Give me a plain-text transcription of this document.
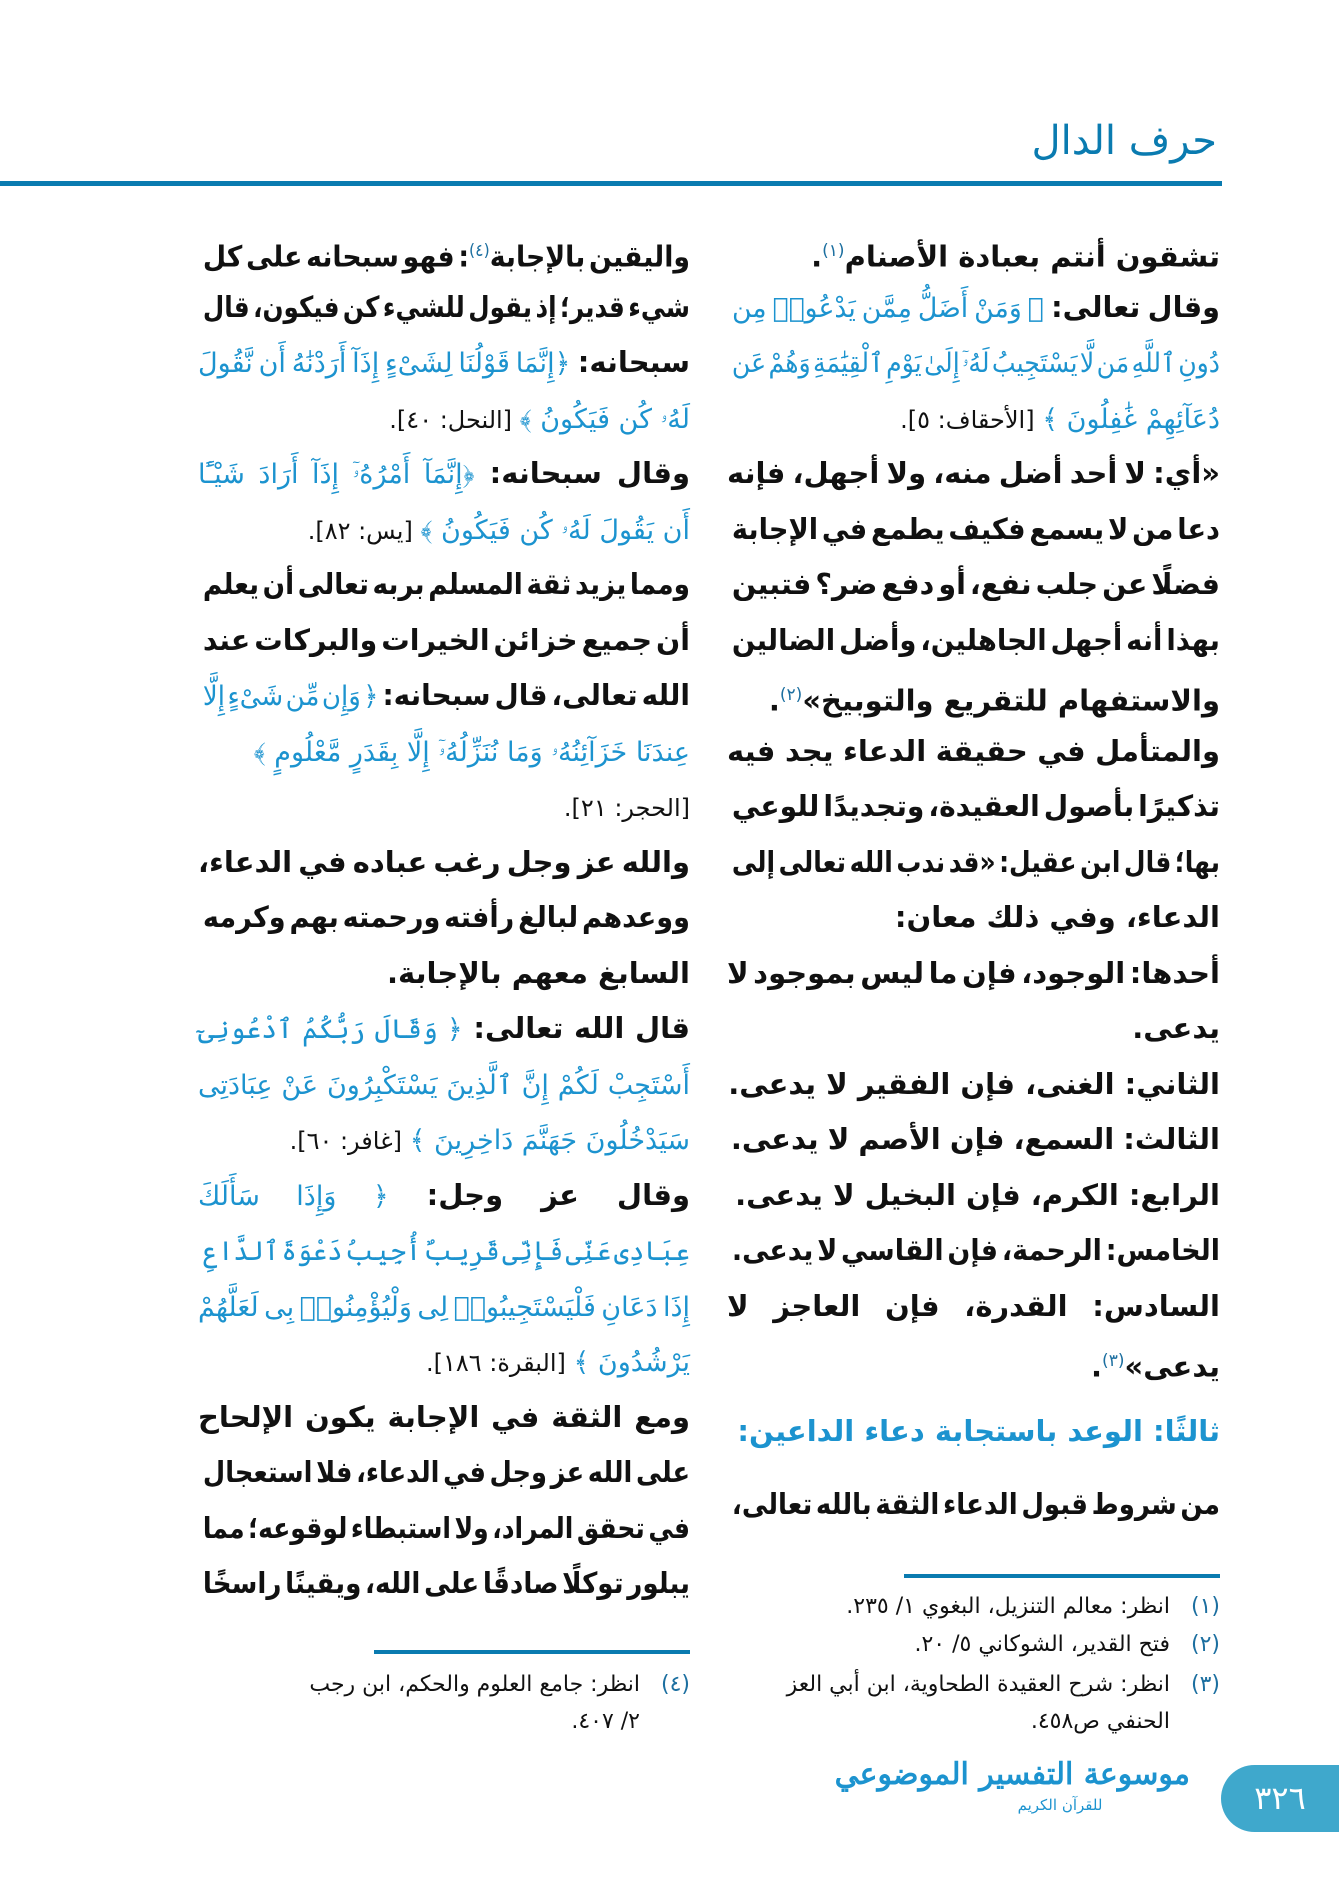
حرف الدال
ثالثًا: الوعد باستجابة دعاء الداعين:
من شروط قبول الدعاء الثقة بالله تعالى،
تشقون أنتم بعبادة الأصنام$^{(١)}$.
وقال تعالى: ﴿ وَمَنْ أَضَلُّ مِمَّن يَدْعُوا۟ مِن
دُونِ ٱللَّهِ مَن لَّا يَسْتَجِيبُ لَهُۥٓ إِلَىٰ يَوْمِ ٱلْقِيَٰمَةِ وَهُمْ عَن
دُعَآئِهِمْ غَٰفِلُونَ ﴾ [الأحقاف: ٥].
«أي: لا أحد أضل منه، ولا أجهل، فإنه
دعا من لا يسمع فكيف يطمع في الإجابة
فضلًا عن جلب نفع، أو دفع ضر؟ فتبين
بهذا أنه أجهل الجاهلين، وأضل الضالين
والاستفهام للتقريع والتوبيخ»$^{(٢)}$.
والمتأمل في حقيقة الدعاء يجد فيه
تذكيرًا بأصول العقيدة، وتجديدًا للوعي
بها؛ قال ابن عقيل: «قد ندب الله تعالى إلى
الدعاء، وفي ذلك معان:
أحدها: الوجود، فإن ما ليس بموجود لا
يدعى.
الثاني: الغنى، فإن الفقير لا يدعى.
الثالث: السمع، فإن الأصم لا يدعى.
الرابع: الكرم، فإن البخيل لا يدعى.
الخامس: الرحمة، فإن القاسي لا يدعى.
السادس: القدرة، فإن العاجز لا
يدعى»$^{(٣)}$.
واليقين بالإجابة$^{(٤)}$: فهو سبحانه على كل
شيء قدير؛ إذ يقول للشيء كن فيكون، قال
سبحانه: ﴿إِنَّمَا قَوْلُنَا لِشَىْءٍ إِذَآ أَرَدْنَٰهُ أَن نَّقُولَ
لَهُۥ كُن فَيَكُونُ ﴾ [النحل: ٤٠].
وقال سبحانه: ﴿إِنَّمَآ أَمْرُهُۥٓ إِذَآ أَرَادَ شَيْـًٔا
أَن يَقُولَ لَهُۥ كُن فَيَكُونُ ﴾ [يس: ٨٢].
ومما يزيد ثقة المسلم بربه تعالى أن يعلم
أن جميع خزائن الخيرات والبركات عند
الله تعالى، قال سبحانه: ﴿ وَإِن مِّن شَىْءٍ إِلَّا
عِندَنَا خَزَآئِنُهُۥ وَمَا نُنَزِّلُهُۥٓ إِلَّا بِقَدَرٍ مَّعْلُومٍ ﴾
[الحجر: ٢١].
والله عز وجل رغب عباده في الدعاء،
ووعدهم لبالغ رأفته ورحمته بهم وكرمه
السابغ معهم بالإجابة.
قال الله تعالى: ﴿ وَقَالَ رَبُّكُمُ ٱدْعُونِىٓ
أَسْتَجِبْ لَكُمْ إِنَّ ٱلَّذِينَ يَسْتَكْبِرُونَ عَنْ عِبَادَتِى
سَيَدْخُلُونَ جَهَنَّمَ دَاخِرِينَ ﴾ [غافر: ٦٠].
وقال عز وجل: ﴿ وَإِذَا سَأَلَكَ
عِبَادِى عَنِّى فَإِنِّى قَرِيبٌ أُجِيبُ دَعْوَةَ ٱلدَّاعِ
إِذَا دَعَانِ فَلْيَسْتَجِيبُوا۟ لِى وَلْيُؤْمِنُوا۟ بِى لَعَلَّهُمْ
يَرْشُدُونَ ﴾ [البقرة: ١٨٦].
ومع الثقة في الإجابة يكون الإلحاح
على الله عز وجل في الدعاء، فلا استعجال
في تحقق المراد، ولا استبطاء لوقوعه؛ مما
يبلور توكلًا صادقًا على الله، ويقينًا راسخًا
(١)انظر: معالم التنزيل، البغوي ١/ ٢٣٥.
(٢)فتح القدير، الشوكاني ٥/ ٢٠.
(٣)انظر: شرح العقيدة الطحاوية، ابن أبي العز
الحنفي ص٤٥٨.
(٤)انظر: جامع العلوم والحكم، ابن رجب
٢/ ٤٠٧.
موسوعة التفسير الموضوعي
للقرآن الكريم	٣٢٦
